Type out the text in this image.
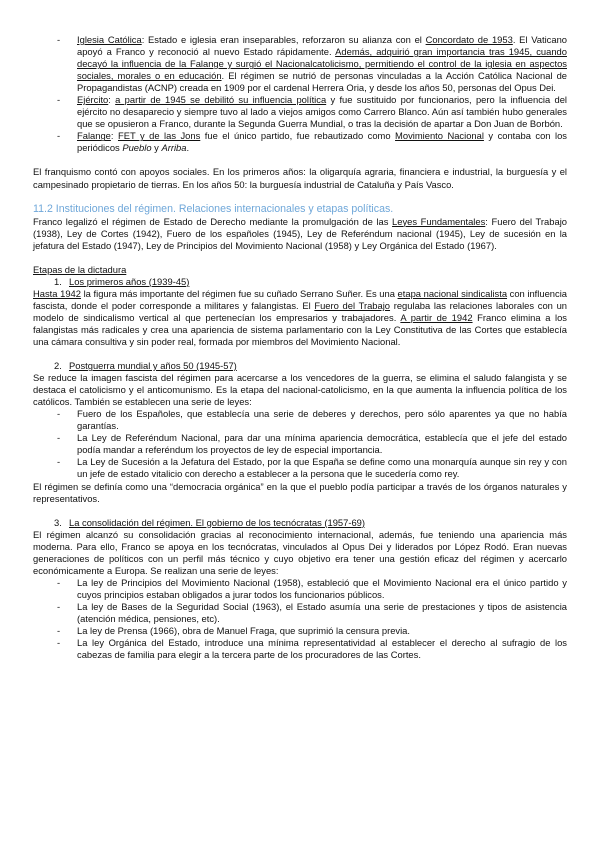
- Iglesia Católica: Estado e iglesia eran inseparables, reforzaron su alianza con el Concordato de 1953. El Vaticano apoyó a Franco y reconoció al nuevo Estado rápidamente. Además, adquirió gran importancia tras 1945, cuando decayó la influencia de la Falange y surgió el Nacionalcatolicismo, permitiendo el control de la iglesia en aspectos sociales, morales o en educación. El régimen se nutrió de personas vinculadas a la Acción Católica Nacional de Propagandistas (ACNP) creada en 1909 por el cardenal Herrera Oria, y desde los años 50, personas del Opus Dei.

- Ejército: a partir de 1945 se debilitó su influencia política y fue sustituido por funcionarios, pero la influencia del ejército no desaparecio y siempre tuvo al lado a viejos amigos como Carrero Blanco. Aún así también hubo generales que se opusieron a Franco, durante la Segunda Guerra Mundial, o tras la decisión de apartar a Don Juan de Borbón.

- Falange: FET y de las Jons fue el único partido, fue rebautizado como Movimiento Nacional y contaba con los periódicos Pueblo y Arriba.

El franquismo contó con apoyos sociales. En los primeros años: la oligarquía agraria, financiera e industrial, la burguesía y el campesinado propietario de tierras. En los años 50: la burguesía industrial de Cataluña y País Vasco.

11.2 Instituciones del régimen. Relaciones internacionales y etapas políticas.

Franco legalizó el régimen de Estado de Derecho mediante la promulgación de las Leyes Fundamentales: Fuero del Trabajo (1938), Ley de Cortes (1942), Fuero de los españoles (1945), Ley de Referéndum nacional (1945), Ley de sucesión en la jefatura del Estado (1947), Ley de Principios del Movimiento Nacional (1958) y Ley Orgánica del Estado (1967).

Etapas de la dictadura

1. Los primeros años (1939-45)

Hasta 1942 la figura más importante del régimen fue su cuñado Serrano Suñer. Es una etapa nacional sindicalista con influencia fascista, donde el poder corresponde a militares y falangistas. El Fuero del Trabajo regulaba las relaciones laborales con un modelo de sindicalismo vertical al que pertenecían los empresarios y trabajadores. A partir de 1942 Franco elimina a los falangistas más radicales y crea una apariencia de sistema parlamentario con la Ley Constitutiva de las Cortes que establecía una cámara consultiva y sin poder real, formada por miembros del Movimiento Nacional.

2. Postguerra mundial y años 50 (1945-57)

Se reduce la imagen fascista del régimen para acercarse a los vencedores de la guerra, se elimina el saludo falangista y se destaca el catolicismo y el anticomunismo. Es la etapa del nacional-catolicismo, en la que aumenta la influencia política de los católicos. También se establecen una serie de leyes:

- Fuero de los Españoles, que establecía una serie de deberes y derechos, pero sólo aparentes ya que no había garantías.

- La Ley de Referéndum Nacional, para dar una mínima apariencia democrática, establecía que el jefe del estado podía mandar a referéndum los proyectos de ley de especial importancia.

- La Ley de Sucesión a la Jefatura del Estado, por la que España se define como una monarquía aunque sin rey y con un jefe de estado vitalicio con derecho a establecer a la persona que le sucedería como rey.

El régimen se definía como una “democracia orgánica” en la que el pueblo podía participar a través de los órganos naturales y representativos.

3. La consolidación del régimen. El gobierno de los tecnócratas (1957-69)

El régimen alcanzó su consolidación gracias al reconocimiento internacional, además, fue teniendo una apariencia más moderna. Para ello, Franco se apoya en los tecnócratas, vinculados al Opus Dei y liderados por López Rodó. Eran nuevas generaciones de políticos con un perfil más técnico y cuyo objetivo era tener una gestión eficaz del régimen y acercarlo económicamente a Europa. Se realizan una serie de leyes:

- La ley de Principios del Movimiento Nacional (1958), estableció que el Movimiento Nacional era el único partido y cuyos principios estaban obligados a jurar todos los funcionarios públicos.

- La ley de Bases de la Seguridad Social (1963), el Estado asumía una serie de prestaciones y tipos de asistencia (atención médica, pensiones, etc).

- La ley de Prensa (1966), obra de Manuel Fraga, que suprimió la censura previa.

- La ley Orgánica del Estado, introduce una mínima representatividad al establecer el derecho al sufragio de los cabezas de familia para elegir a la tercera parte de los procuradores de las Cortes.
